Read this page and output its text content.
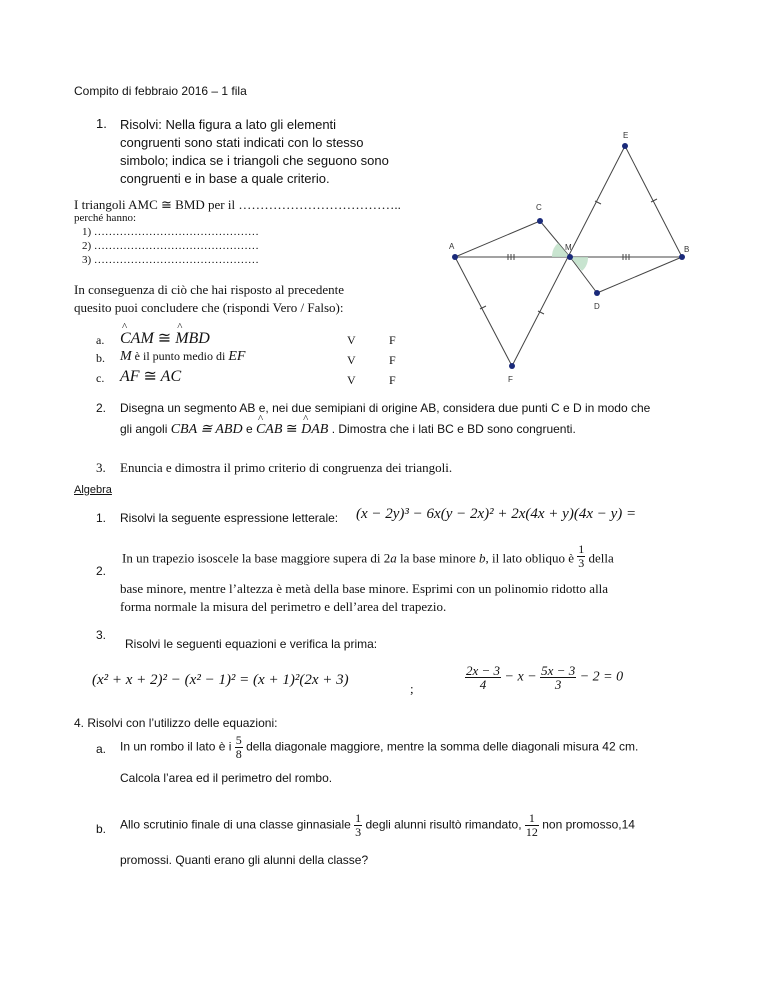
Compito di febbraio 2016 – 1 fila
1. Risolvi: Nella figura a lato gli elementi
congruenti sono stati indicati con lo stesso
simbolo; indica se i triangoli che seguono sono
congruenti e in base a quale criterio.
I triangoli AMC ≅ BMD per il ………………………………..
perché hanno:
1) ………………………………………
2) ………………………………………
3) ………………………………………
In conseguenza di ciò che hai risposto al precedente
quesito puoi concludere che (rispondi Vero / Falso):
a. ^ CAM ≅ ^ MBD	V	F
b. M è il punto medio di EF	V	F
c. AF ≅ AC	V	F
A	B
C
D
E
F
M
2. Disegna un segmento AB e, nei due semipiani di origine AB, considera due punti C e D in modo che
gli angoli CBA ≅ ABD e ^ CAB ≅ ^ DAB . Dimostra che i lati BC e BD sono congruenti.
3. Enuncia e dimostra il primo criterio di congruenza dei triangoli.
Algebra
1. Risolvi la seguente espressione letterale: (x − 2y)³ − 6x(y − 2x)² + 2x(4x + y)(4x − y) =
2.
In un trapezio isoscele la base maggiore supera di 2a la base minore b, il lato obliquo è $\frac{1}{3}$ della
base minore, mentre l’altezza è metà della base minore. Esprimi con un polinomio ridotto alla
forma normale la misura del perimetro e dell’area del trapezio.
3.
Risolvi le seguenti equazioni e verifica la prima:
(x² + x + 2)² − (x² − 1)² = (x + 1)²(2x + 3)
;	$\frac{2x - 3}{4} - x - \frac{5x - 3}{3} - 2 = 0$
4. Risolvi con l’utilizzo delle equazioni:
a. In un rombo il lato è i $\frac{5}{8}$ della diagonale maggiore, mentre la somma delle diagonali misura 42 cm.
Calcola l’area ed il perimetro del rombo.
b. Allo scrutinio finale di una classe ginnasiale $\frac{1}{3}$ degli alunni risultò rimandato, $\frac{1}{12}$ non promosso,14
promossi. Quanti erano gli alunni della classe?
